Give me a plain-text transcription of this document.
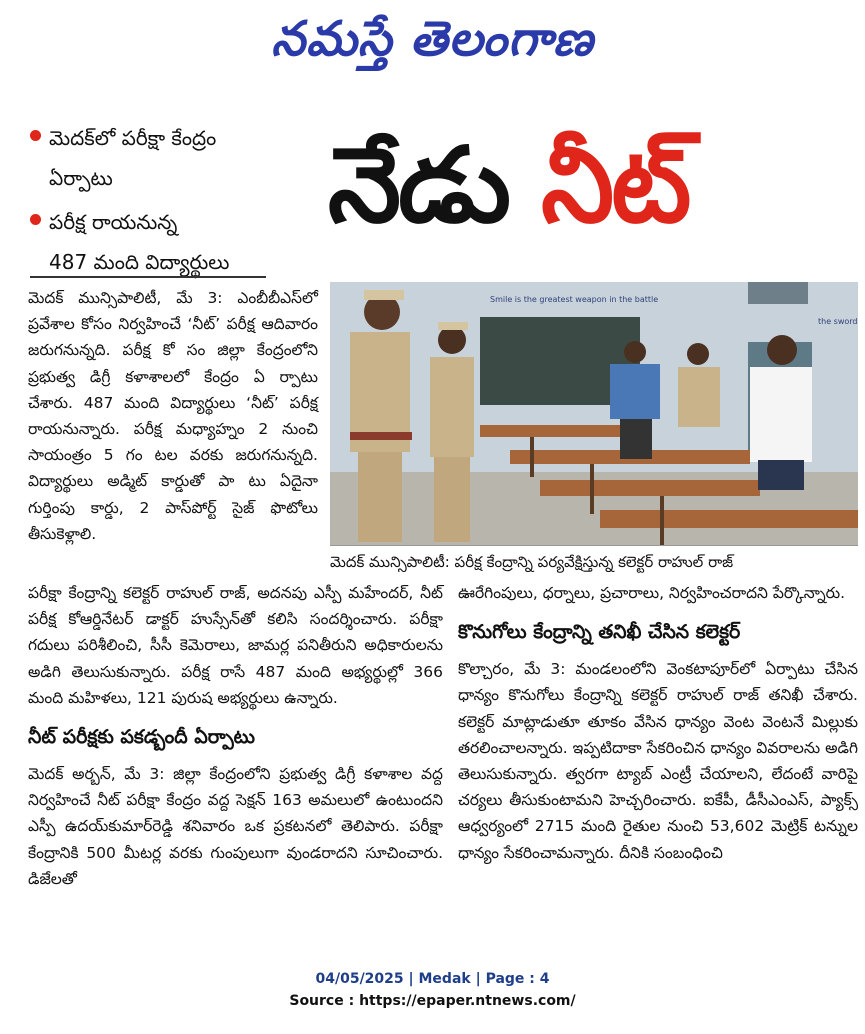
నమస్తే తెలంగాణ
మెదక్‌లో పరీక్షా కేంద్రం
ఏర్పాటు
పరీక్ష రాయనున్న
487 మంది విద్యార్థులు
నేడు నీట్
Smile is the greatest weapon in the battle
the sword
మెదక్ మున్సిపాలిటీ: పరీక్ష కేంద్రాన్ని పర్యవేక్షిస్తున్న కలెక్టర్ రాహుల్ రాజ్

మెదక్ మున్సిపాలిటీ, మే 3: ఎంబీబీఎస్‌లో ప్రవేశాల కోసం నిర్వహించే ‘నీట్’ పరీక్ష ఆదివారం జరుగనున్నది. పరీక్ష కో సం జిల్లా కేంద్రంలోని ప్రభుత్వ డిగ్రీ కళాశాలలో కేంద్రం ఏ ర్పాటు చేశారు. 487 మంది విద్యార్థులు ‘నీట్’ పరీక్ష రాయనున్నారు. పరీక్ష మధ్యాహ్నం 2 నుంచి సాయంత్రం 5 గం టల వరకు జరుగనున్నది. విద్యార్థులు అడ్మిట్ కార్డుతో పా టు ఏదైనా గుర్తింపు కార్డు, 2 పాస్‌పోర్ట్ సైజ్ ఫొటోలు తీసుకెళ్లాలి.

పరీక్షా కేంద్రాన్ని కలెక్టర్ రాహుల్ రాజ్, అదనపు ఎస్పీ మహేందర్, నీట్ పరీక్ష కోఆర్డినేటర్ డాక్టర్ హుస్సేన్‌తో కలిసి సందర్శించారు. పరీక్షా గదులు పరిశీలించి, సీసీ కెమెరాలు, జామర్ల పనితీరుని అధికారులను అడిగి తెలుసుకున్నారు. పరీక్ష రాసే 487 మంది అభ్యర్థుల్లో 366 మంది మహిళలు, 121 పురుష అభ్యర్థులు ఉన్నారు.

నీట్ పరీక్షకు పకడ్బందీ ఏర్పాటు

మెదక్ అర్బన్, మే 3: జిల్లా కేంద్రంలోని ప్రభుత్వ డిగ్రీ కళాశాల వద్ద నిర్వహించే నీట్ పరీక్షా కేంద్రం వద్ద సెక్షన్ 163 అమలులో ఉంటుందని ఎస్పీ ఉదయ్‌కుమార్‌రెడ్డి శనివారం ఒక ప్రకటనలో తెలిపారు. పరీక్షా కేంద్రానికి 500 మీటర్ల వరకు గుంపులుగా వుండరాదని సూచించారు. డిజేలతో

ఊరేగింపులు, ధర్నాలు, ప్రచారాలు, నిర్వహించరాదని పేర్కొన్నారు.

కొనుగోలు కేంద్రాన్ని తనిఖీ చేసిన కలెక్టర్

కొల్చారం, మే 3: మండలంలోని వెంకటాపూర్‌లో ఏర్పాటు చేసిన ధాన్యం కొనుగోలు కేంద్రాన్ని కలెక్టర్ రాహుల్ రాజ్ తనిఖీ చేశారు. కలెక్టర్ మాట్లాడుతూ తూకం వేసిన ధాన్యం వెంట వెంటనే మిల్లుకు తరలించాలన్నారు. ఇప్పటిదాకా సేకరించిన ధాన్యం వివరాలను అడిగి తెలుసుకున్నారు. త్వరగా ట్యాబ్ ఎంట్రీ చేయాలని, లేదంటే వారిపై చర్యలు తీసుకుంటామని హెచ్చరించారు. ఐకేపీ, డీసీఎంఎస్, ప్యాక్స్ ఆధ్వర్యంలో 2715 మంది రైతుల నుంచి 53,602 మెట్రిక్ టన్నుల ధాన్యం సేకరించామన్నారు. దీనికి సంబంధించి

04/05/2025 | Medak | Page : 4
Source : https://epaper.ntnews.com/
